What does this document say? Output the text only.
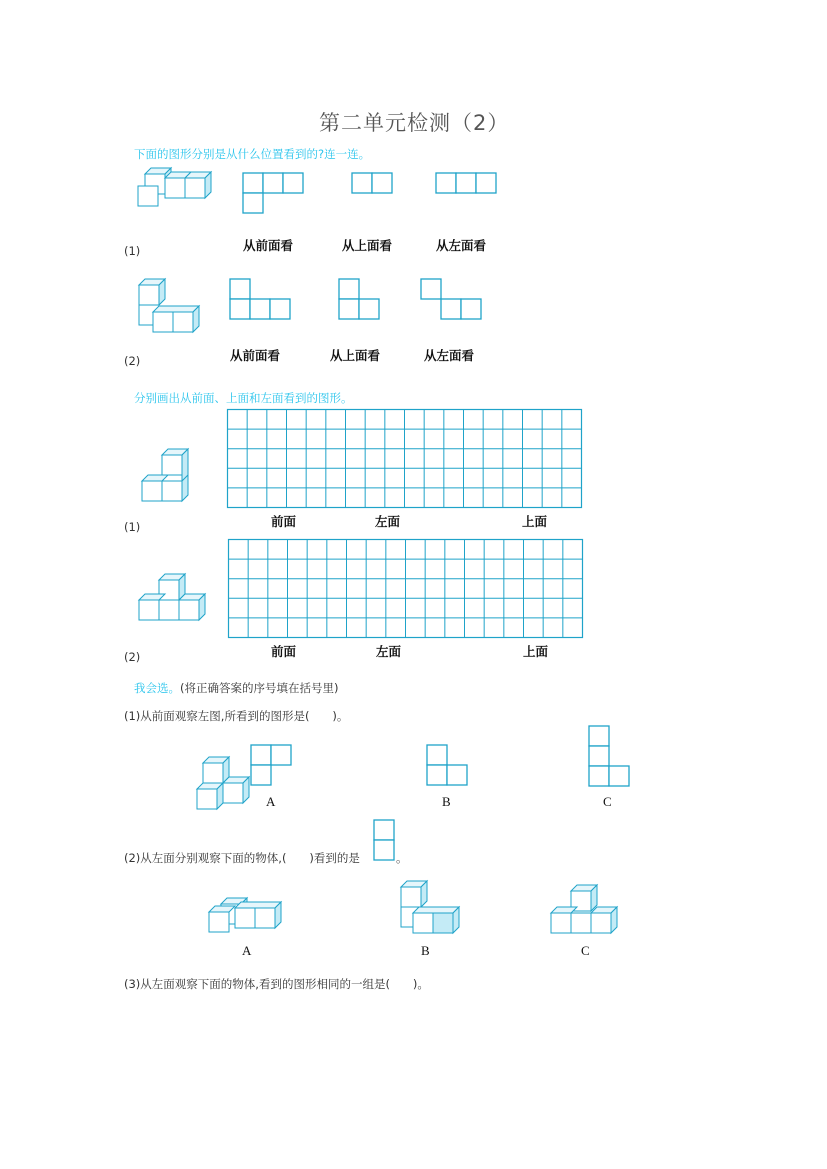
第二单元检测（2）
下面的图形分别是从什么位置看到的?连一连。
(1)	从前面看	从上面看	从左面看
(2)	从前面看	从上面看	从左面看
分别画出从前面、上面和左面看到的图形。
(1)	前面	左面	上面
(2)	前面	左面	上面
我会选。(将正确答案的序号填在括号里)
(1)从前面观察左图,所看到的图形是(　　)。
A	B	C
(2)从左面分别观察下面的物体,(　　)看到的是	。
A	B	C
(3)从左面观察下面的物体,看到的图形相同的一组是(　　)。
